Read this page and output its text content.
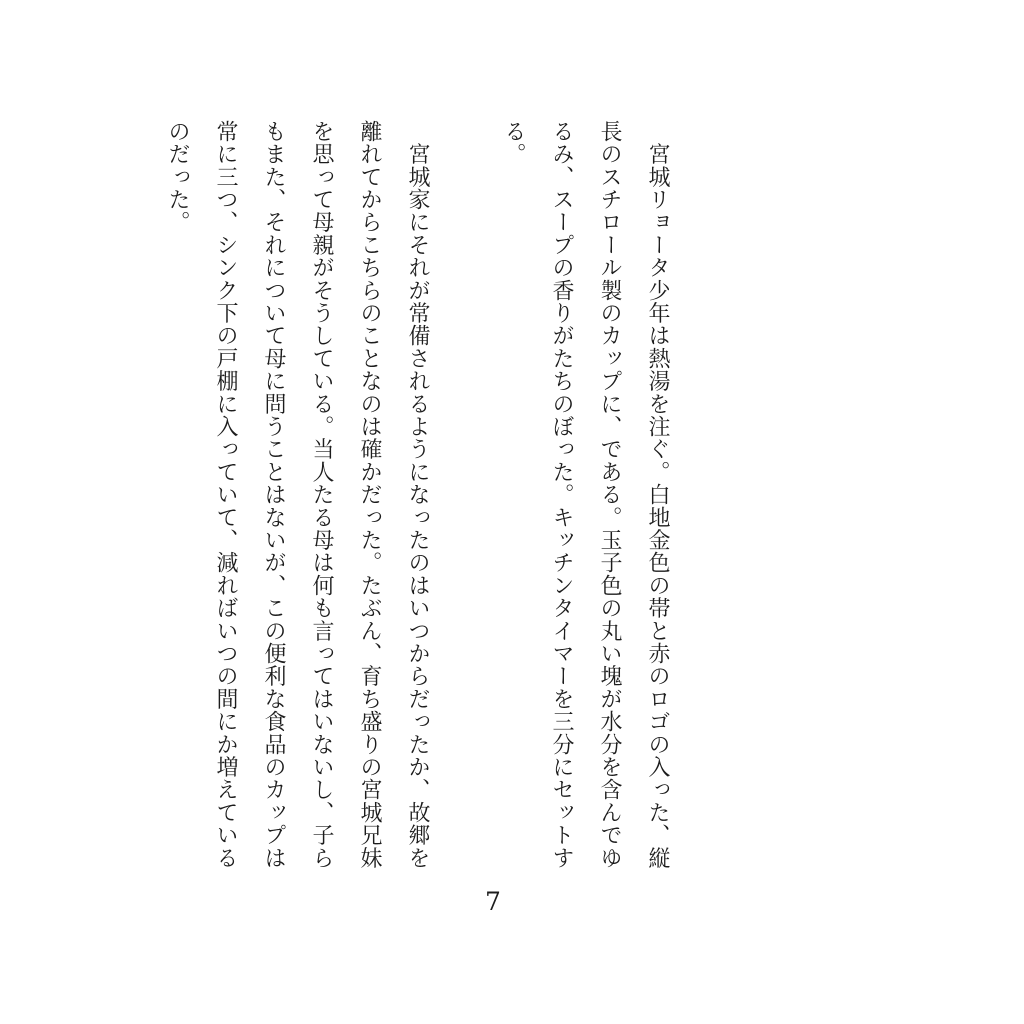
　宮城リョータ少年は熱湯を注ぐ。白地金色の帯と赤のロゴの入った、縦
長のスチロール製のカップに、である。玉子色の丸い塊が水分を含んでゆ
るみ、スープの香りがたちのぼった。キッチンタイマーを三分にセットす
る。
　宮城家にそれが常備されるようになったのはいつからだったか、故郷を
離れてからこちらのことなのは確かだった。たぶん、育ち盛りの宮城兄妹
を思って母親がそうしている。当人たる母は何も言ってはいないし、子ら
もまた、それについて母に問うことはないが、この便利な食品のカップは
常に三つ、シンク下の戸棚に入っていて、減ればいつの間にか増えている
のだった。
7
